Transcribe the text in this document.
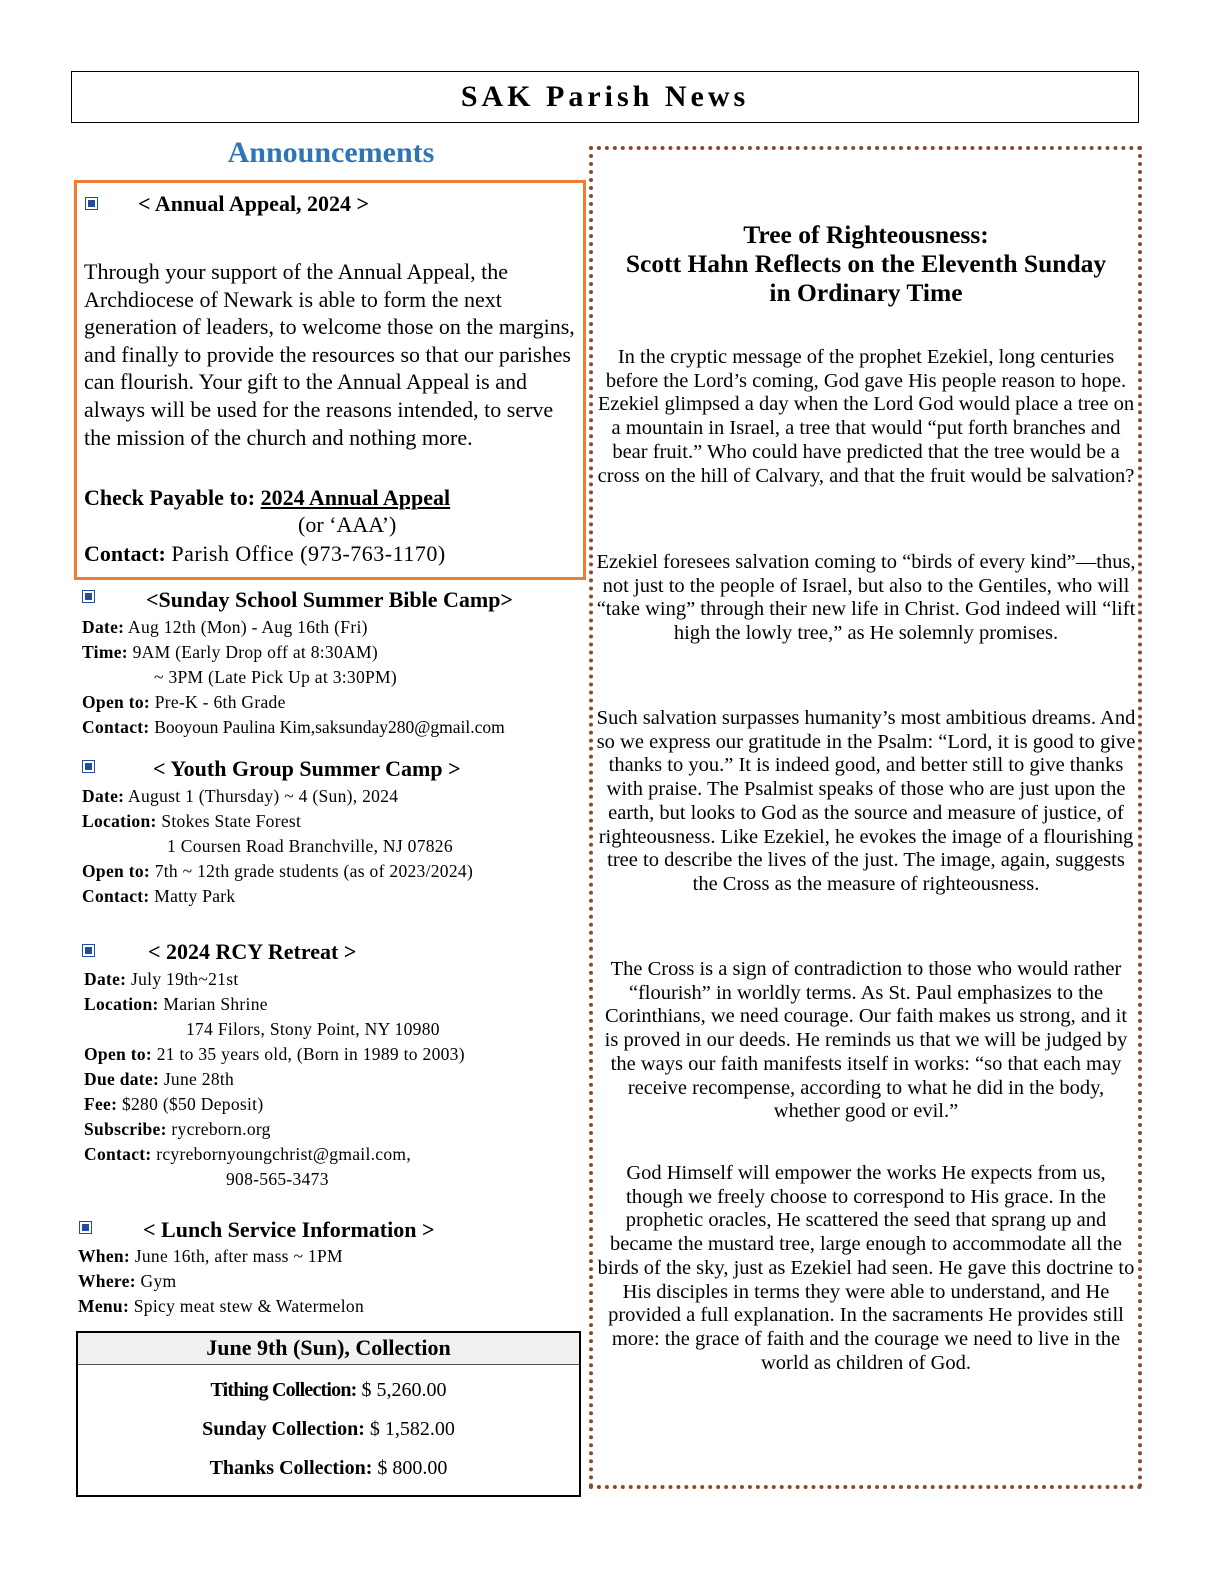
SAK Parish News
Announcements
< Annual Appeal, 2024 >
Through your support of the Annual Appeal, the Archdiocese of Newark is able to form the next generation of leaders, to welcome those on the margins, and finally to provide the resources so that our parishes can flourish. Your gift to the Annual Appeal is and always will be used for the reasons intended, to serve the mission of the church and nothing more.
Check Payable to: 2024 Annual Appeal
(or ‘AAA’)
Contact: Parish Office (973-763-1170)
<Sunday School Summer Bible Camp>
Date: Aug 12th (Mon) - Aug 16th (Fri)
Time: 9AM (Early Drop off at 8:30AM)
~ 3PM (Late Pick Up at 3:30PM)
Open to: Pre-K - 6th Grade
Contact: Booyoun Paulina Kim,saksunday280@gmail.com
< Youth Group Summer Camp >
Date: August 1 (Thursday) ~ 4 (Sun), 2024
Location: Stokes State Forest
1 Coursen Road Branchville, NJ 07826
Open to: 7th ~ 12th grade students (as of 2023/2024)
Contact: Matty Park
< 2024 RCY Retreat >
Date: July 19th~21st
Location: Marian Shrine
174 Filors, Stony Point, NY 10980
Open to: 21 to 35 years old, (Born in 1989 to 2003)
Due date: June 28th
Fee: $280 ($50 Deposit)
Subscribe: rycreborn.org
Contact: rcyrebornyoungchrist@gmail.com,
908-565-3473
< Lunch Service Information >
When: June 16th, after mass ~ 1PM
Where: Gym
Menu: Spicy meat stew & Watermelon
June 9th (Sun), Collection
Tithing Collection: $ 5,260.00
Sunday Collection: $ 1,582.00
Thanks Collection: $ 800.00
Tree of Righteousness:
Scott Hahn Reflects on the Eleventh Sunday
in Ordinary Time
In the cryptic message of the prophet Ezekiel, long centuries before the Lord’s coming, God gave His people reason to hope. Ezekiel glimpsed a day when the Lord God would place a tree on a mountain in Israel, a tree that would “put forth branches and bear fruit.” Who could have predicted that the tree would be a cross on the hill of Calvary, and that the fruit would be salvation?
Ezekiel foresees salvation coming to “birds of every kind”—thus, not just to the people of Israel, but also to the Gentiles, who will “take wing” through their new life in Christ. God indeed will “lift high the lowly tree,” as He solemnly promises.
Such salvation surpasses humanity’s most ambitious dreams. And so we express our gratitude in the Psalm: “Lord, it is good to give thanks to you.” It is indeed good, and better still to give thanks with praise. The Psalmist speaks of those who are just upon the earth, but looks to God as the source and measure of justice, of righteousness. Like Ezekiel, he evokes the image of a flourishing tree to describe the lives of the just. The image, again, suggests the Cross as the measure of righteousness.
The Cross is a sign of contradiction to those who would rather “flourish” in worldly terms. As St. Paul emphasizes to the Corinthians, we need courage. Our faith makes us strong, and it is proved in our deeds. He reminds us that we will be judged by the ways our faith manifests itself in works: “so that each may receive recompense, according to what he did in the body, whether good or evil.”
God Himself will empower the works He expects from us, though we freely choose to correspond to His grace. In the prophetic oracles, He scattered the seed that sprang up and became the mustard tree, large enough to accommodate all the birds of the sky, just as Ezekiel had seen. He gave this doctrine to His disciples in terms they were able to understand, and He provided a full explanation. In the sacraments He provides still more: the grace of faith and the courage we need to live in the world as children of God.
